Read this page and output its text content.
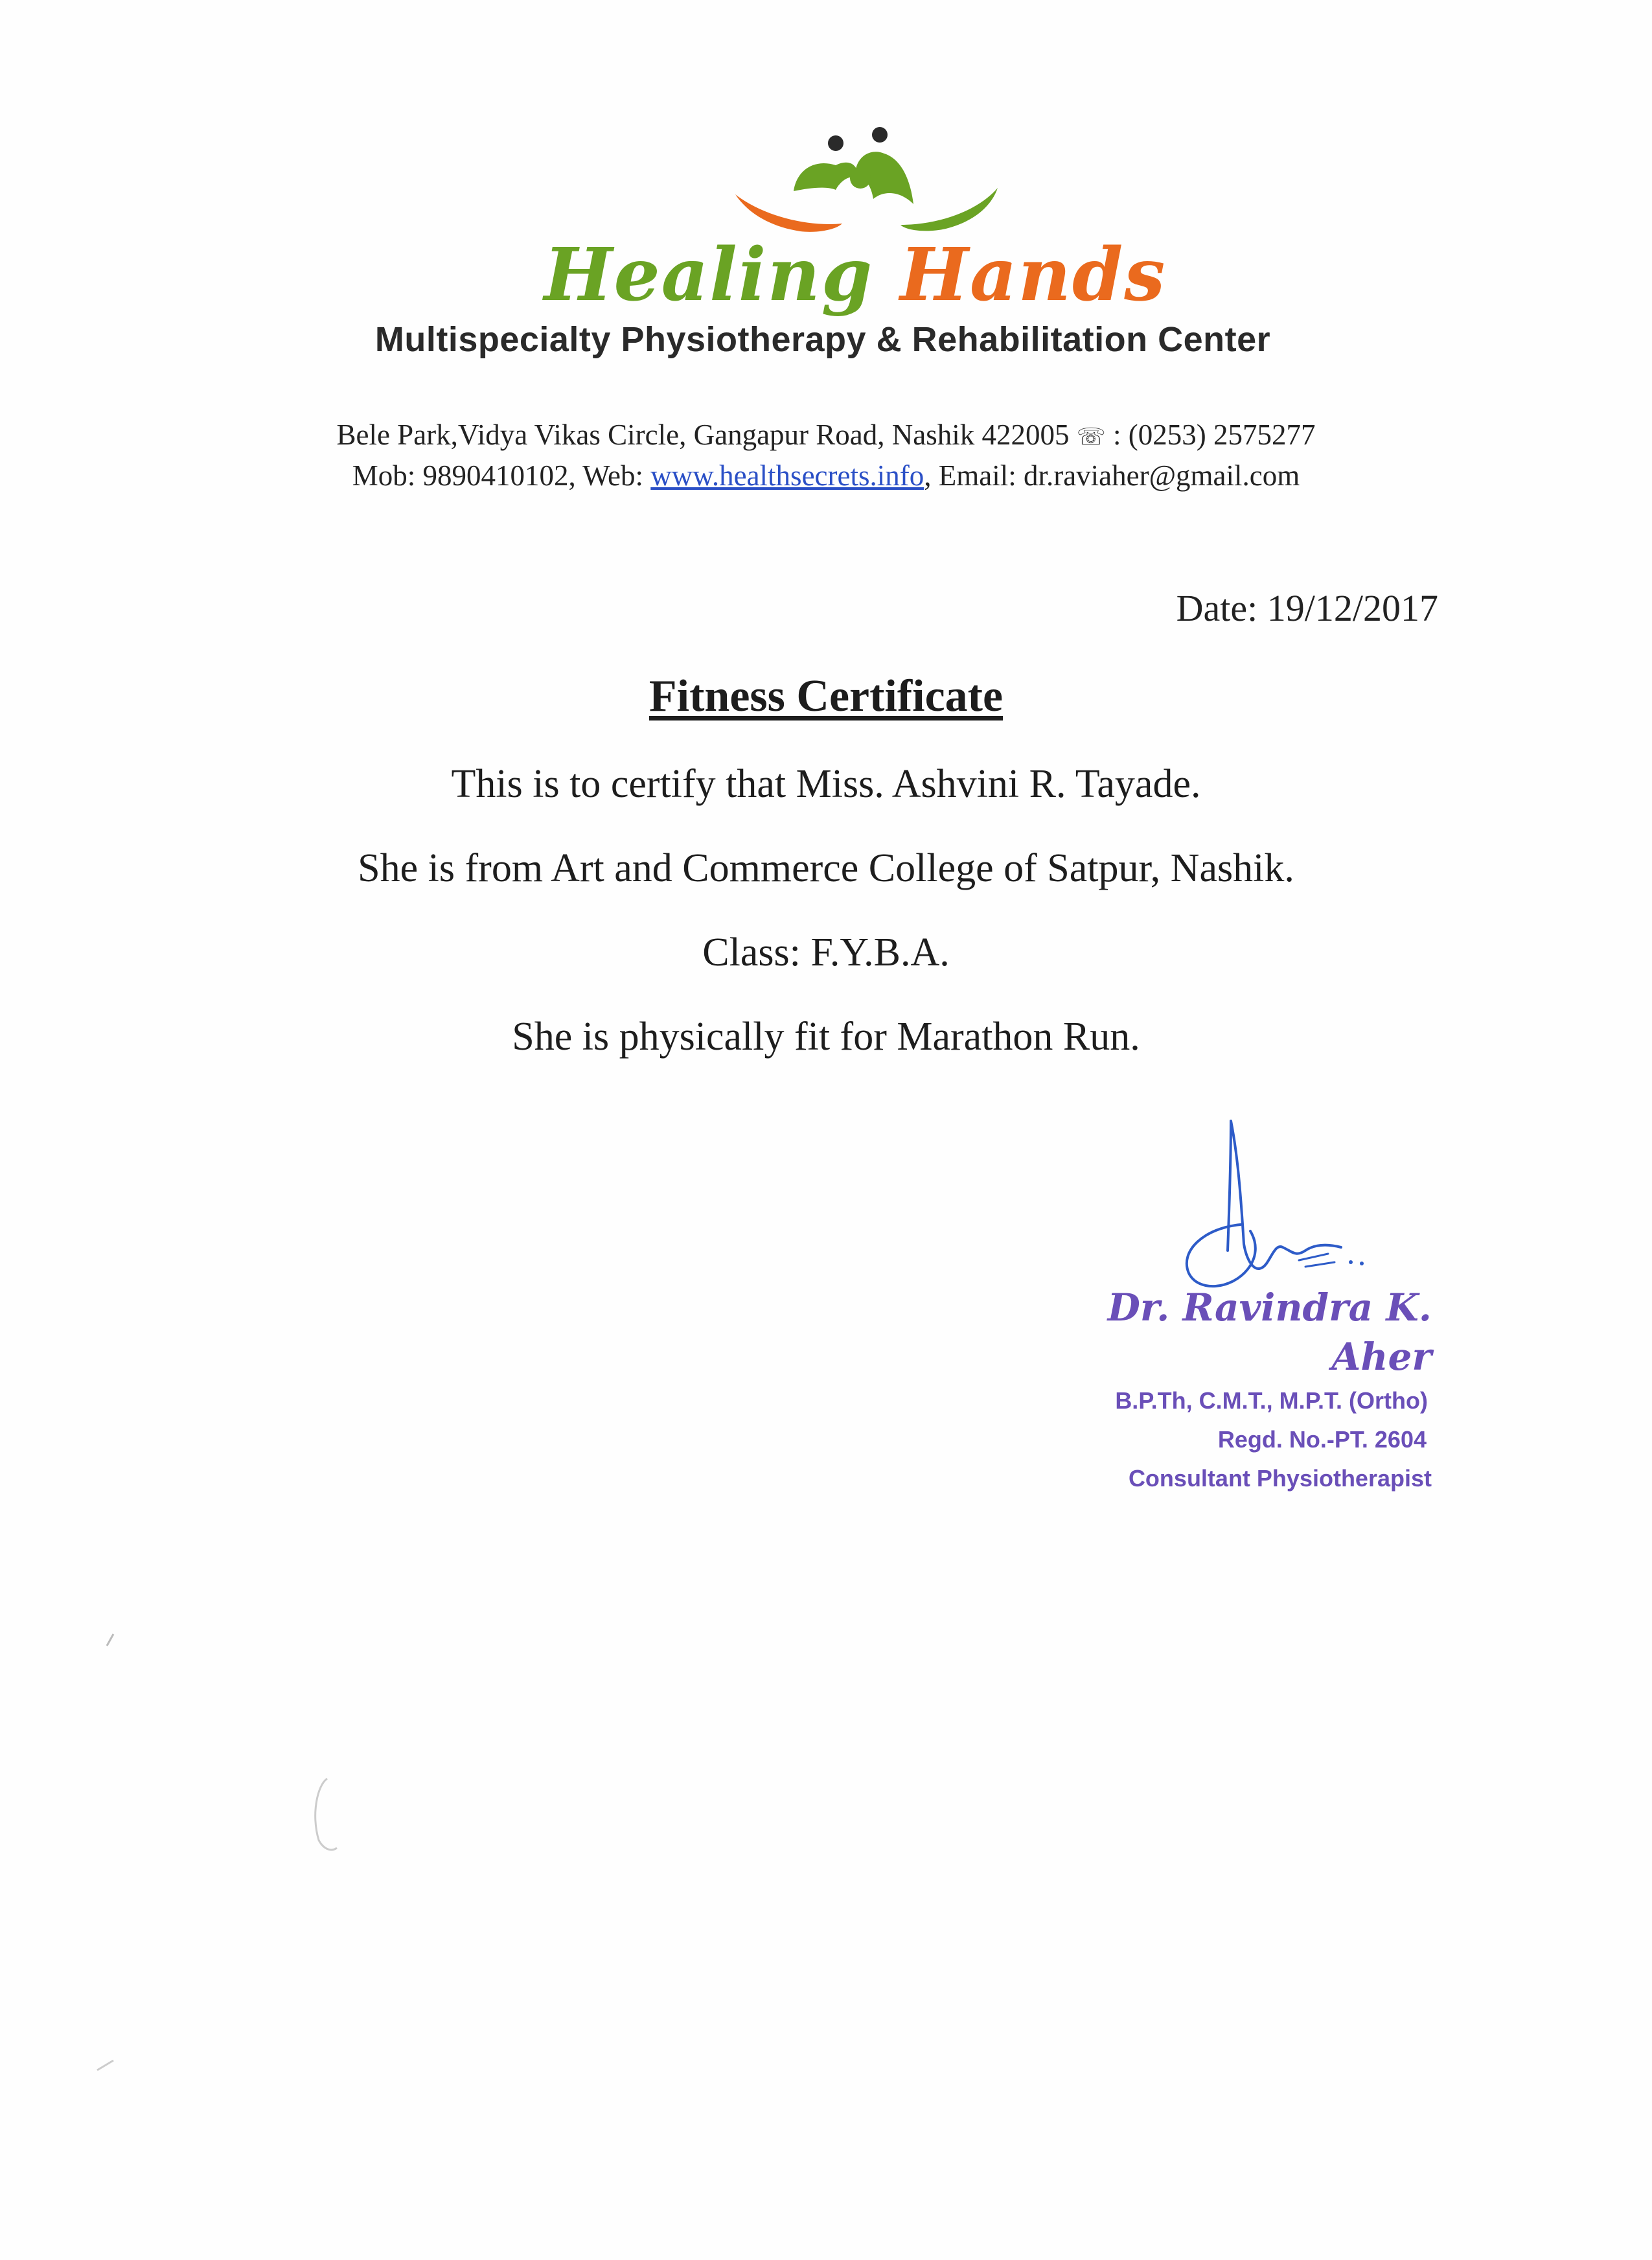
Healing Hands
Multispecialty Physiotherapy & Rehabilitation Center
Bele Park,Vidya Vikas Circle, Gangapur Road, Nashik 422005 ☏ : (0253) 2575277
Mob: 9890410102, Web: www.healthsecrets.info, Email: dr.raviaher@gmail.com
Date: 19/12/2017
Fitness Certificate
This is to certify that Miss. Ashvini R. Tayade.
She is from Art and Commerce College of Satpur, Nashik.
Class: F.Y.B.A.
She is physically fit for Marathon Run.
Dr. Ravindra K. Aher
B.P.Th, C.M.T., M.P.T. (Ortho)
Regd. No.-PT. 2604
Consultant Physiotherapist
